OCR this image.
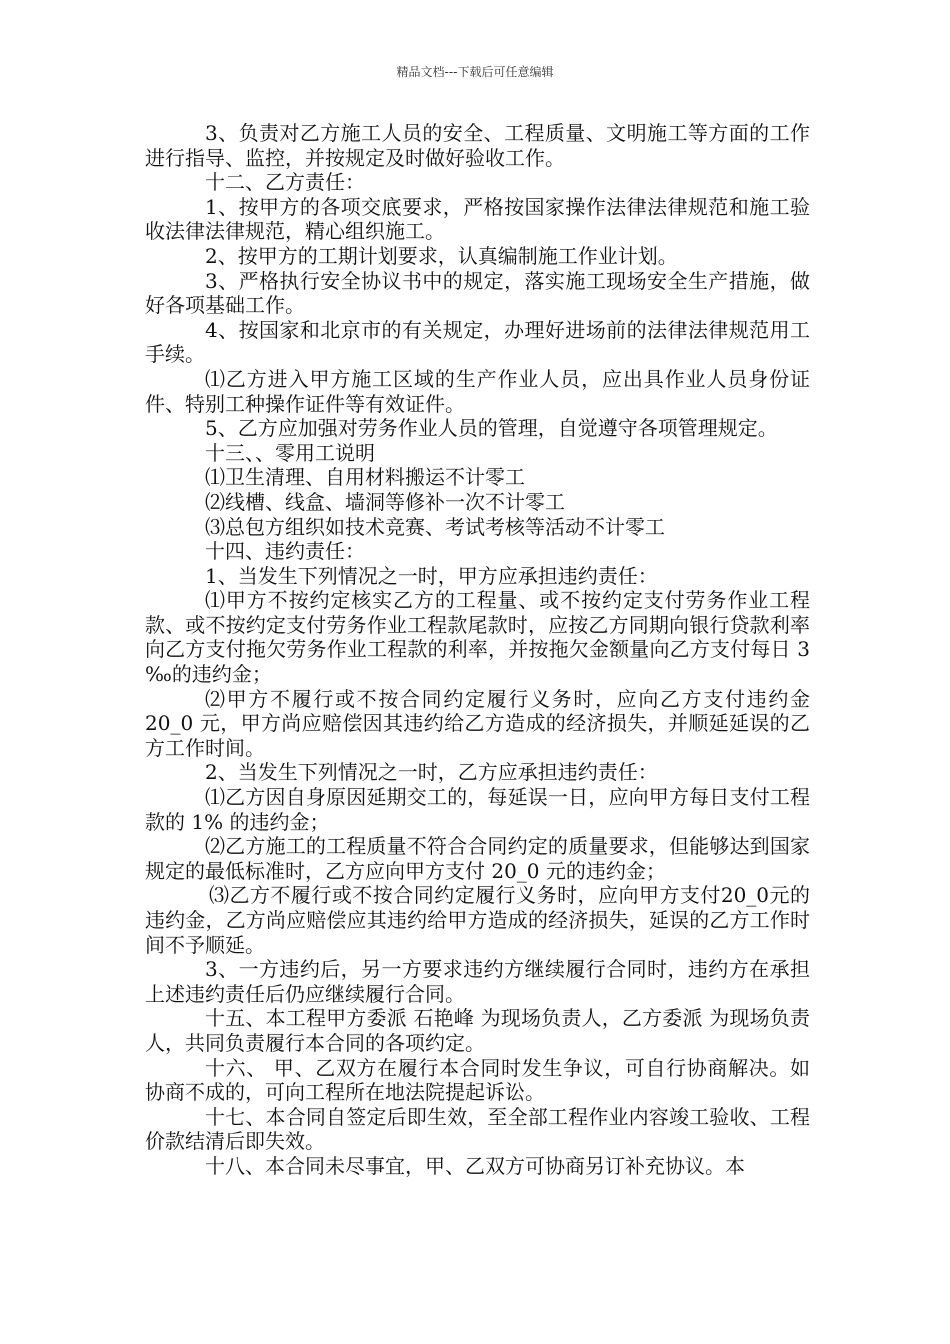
精品文档---下载后可任意编辑

3、负责对乙方施工人员的安全、工程质量、文明施工等方面的工作进行指导、监控，并按规定及时做好验收工作。

十二、乙方责任：

1、按甲方的各项交底要求，严格按国家操作法律法律规范和施工验收法律法律规范，精心组织施工。

2、按甲方的工期计划要求，认真编制施工作业计划。

3、严格执行安全协议书中的规定，落实施工现场安全生产措施，做好各项基础工作。

4、按国家和北京市的有关规定，办理好进场前的法律法律规范用工手续。

⑴乙方进入甲方施工区域的生产作业人员，应出具作业人员身份证件、特别工种操作证件等有效证件。

5、乙方应加强对劳务作业人员的管理，自觉遵守各项管理规定。

十三、、零用工说明

⑴卫生清理、自用材料搬运不计零工

⑵线槽、线盒、墙洞等修补一次不计零工

⑶总包方组织如技术竞赛、考试考核等活动不计零工

十四、违约责任：

1、当发生下列情况之一时，甲方应承担违约责任：

⑴甲方不按约定核实乙方的工程量、或不按约定支付劳务作业工程款、或不按约定支付劳务作业工程款尾款时，应按乙方同期向银行贷款利率向乙方支付拖欠劳务作业工程款的利率，并按拖欠金额量向乙方支付每日 3 ‰的违约金；

⑵甲方不履行或不按合同约定履行义务时，应向乙方支付违约金 20_0 元，甲方尚应赔偿因其违约给乙方造成的经济损失，并顺延延误的乙方工作时间。

2、当发生下列情况之一时，乙方应承担违约责任：

⑴乙方因自身原因延期交工的，每延误一日，应向甲方每日支付工程款的 1% 的违约金；

⑵乙方施工的工程质量不符合合同约定的质量要求，但能够达到国家规定的最低标准时，乙方应向甲方支付 20_0 元的违约金；

⑶乙方不履行或不按合同约定履行义务时，应向甲方支付20_0元的违约金，乙方尚应赔偿应其违约给甲方造成的经济损失，延误的乙方工作时间不予顺延。

3、一方违约后，另一方要求违约方继续履行合同时，违约方在承担上述违约责任后仍应继续履行合同。

十五、本工程甲方委派 石艳峰 为现场负责人，乙方委派 为现场负责人，共同负责履行本合同的各项约定。

十六、 甲、乙双方在履行本合同时发生争议，可自行协商解决。如协商不成的，可向工程所在地法院提起诉讼。

十七、本合同自签定后即生效，至全部工程作业内容竣工验收、工程价款结清后即失效。

十八、本合同未尽事宜，甲、乙双方可协商另订补充协议。本
